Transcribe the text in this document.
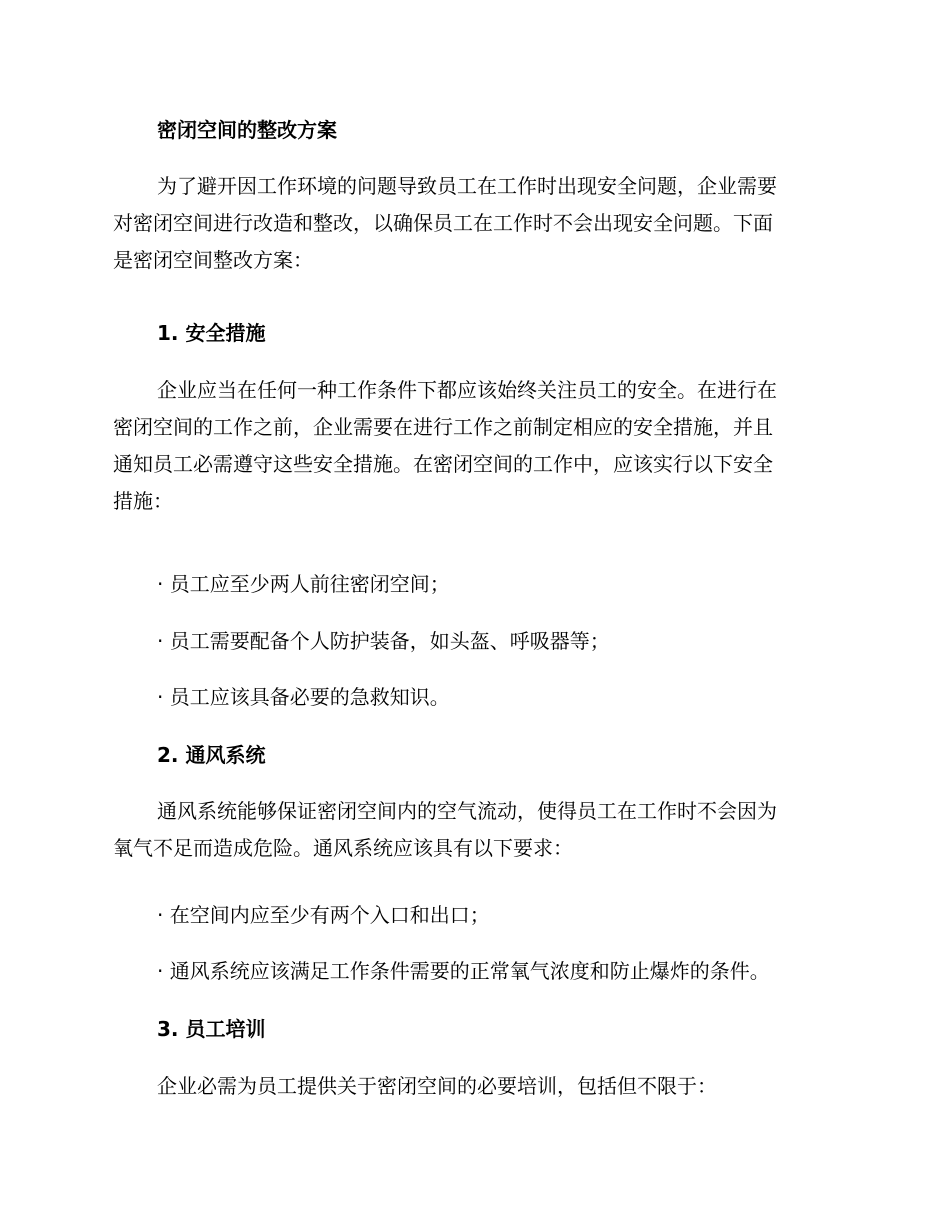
密闭空间的整改方案
为了避开因工作环境的问题导致员工在工作时出现安全问题，企业需要
对密闭空间进行改造和整改，以确保员工在工作时不会出现安全问题。下面
是密闭空间整改方案：
1. 安全措施
企业应当在任何一种工作条件下都应该始终关注员工的安全。在进行在
密闭空间的工作之前，企业需要在进行工作之前制定相应的安全措施，并且
通知员工必需遵守这些安全措施。在密闭空间的工作中，应该实行以下安全
措施：
· 员工应至少两人前往密闭空间；
· 员工需要配备个人防护装备，如头盔、呼吸器等；
· 员工应该具备必要的急救知识。
2. 通风系统
通风系统能够保证密闭空间内的空气流动，使得员工在工作时不会因为
氧气不足而造成危险。通风系统应该具有以下要求：
· 在空间内应至少有两个入口和出口；
· 通风系统应该满足工作条件需要的正常氧气浓度和防止爆炸的条件。
3. 员工培训
企业必需为员工提供关于密闭空间的必要培训，包括但不限于：
